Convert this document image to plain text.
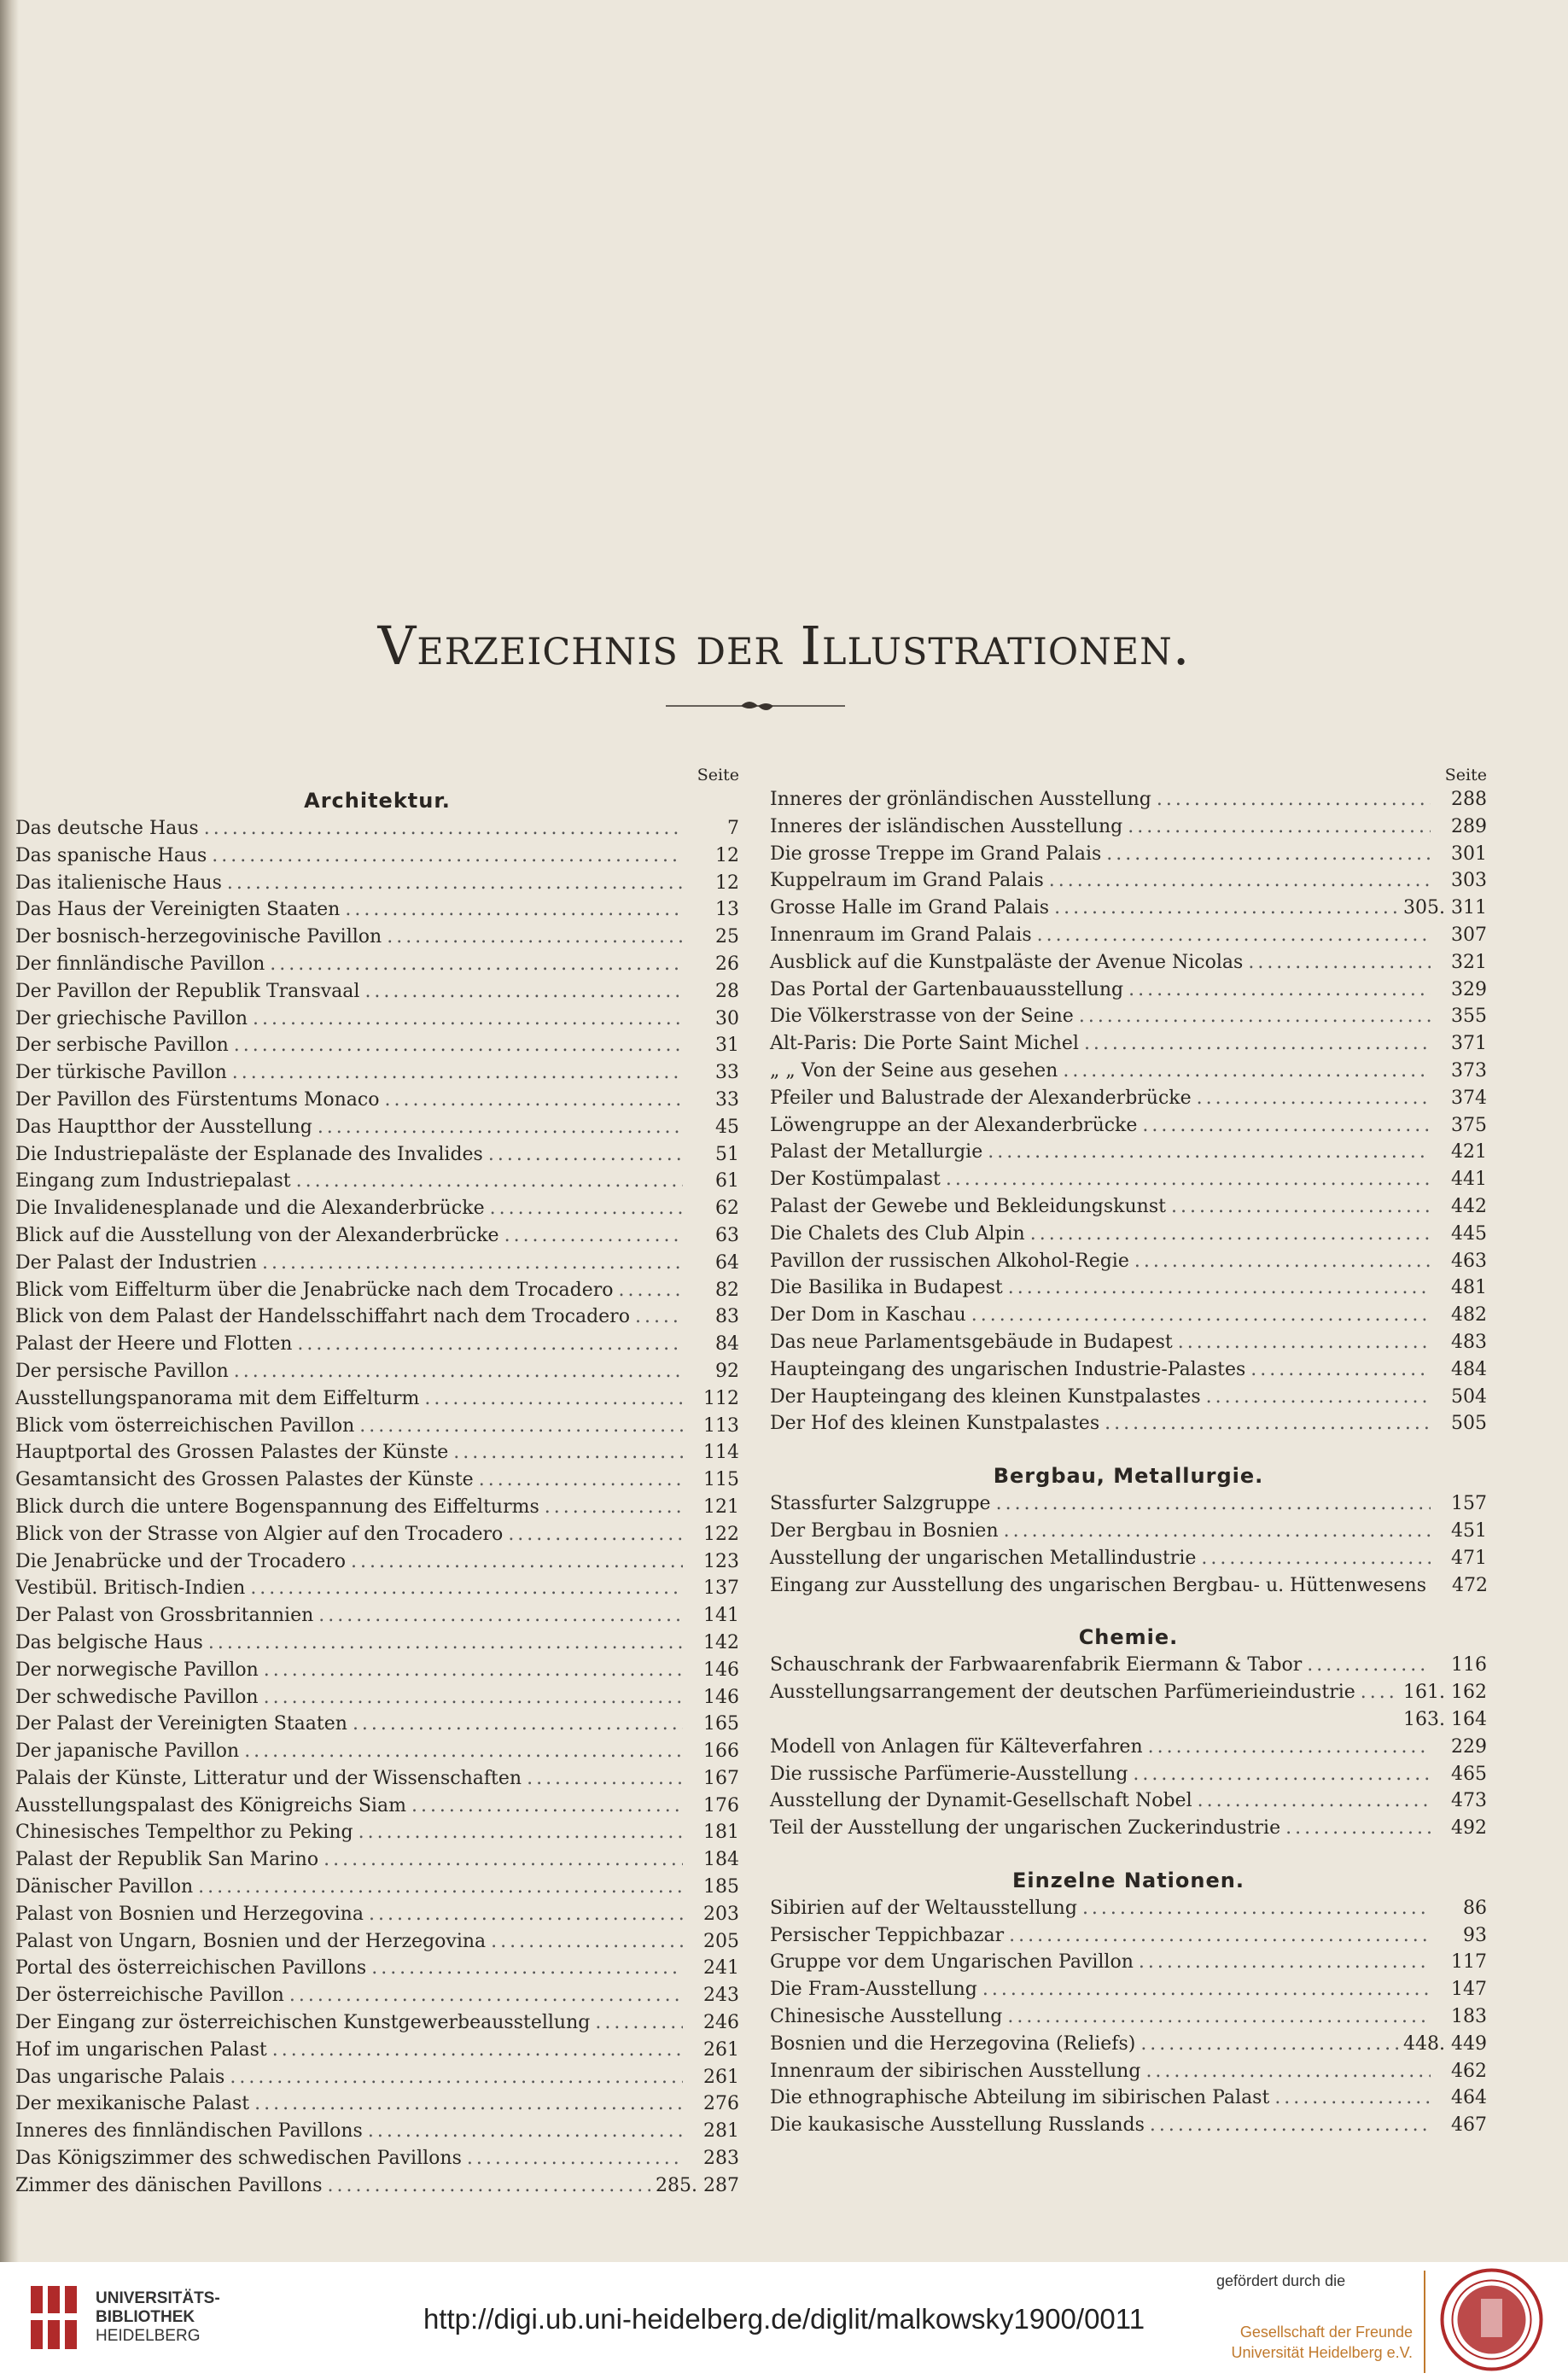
Verzeichnis der Illustrationen.
Seite
Architektur.
Das deutsche Haus .....	7
Das spanische Haus .....	12
Das italienische Haus .....	12
Das Haus der Vereinigten Staaten .....	13
Der bosnisch-herzegovinische Pavillon .....	25
Der finnländische Pavillon .....	26
Der Pavillon der Republik Transvaal .....	28
Der griechische Pavillon .....	30
Der serbische Pavillon .....	31
Der türkische Pavillon .....	33
Der Pavillon des Fürstentums Monaco .....	33
Das Hauptthor der Ausstellung .....	45
Die Industriepaläste der Esplanade des Invalides .....	51
Eingang zum Industriepalast .....	61
Die Invalidenesplanade und die Alexanderbrücke .....	62
Blick auf die Ausstellung von der Alexanderbrücke .....	63
Der Palast der Industrien .....	64
Blick vom Eiffelturm über die Jenabrücke nach dem Trocadero .....	82
Blick von dem Palast der Handelsschiffahrt nach dem Trocadero .....	83
Palast der Heere und Flotten .....	84
Der persische Pavillon .....	92
Ausstellungspanorama mit dem Eiffelturm .....	112
Blick vom österreichischen Pavillon .....	113
Hauptportal des Grossen Palastes der Künste .....	114
Gesamtansicht des Grossen Palastes der Künste .....	115
Blick durch die untere Bogenspannung des Eiffelturms .....	121
Blick von der Strasse von Algier auf den Trocadero .....	122
Die Jenabrücke und der Trocadero .....	123
Vestibül. Britisch-Indien .....	137
Der Palast von Grossbritannien .....	141
Das belgische Haus .....	142
Der norwegische Pavillon .....	146
Der schwedische Pavillon .....	146
Der Palast der Vereinigten Staaten .....	165
Der japanische Pavillon .....	166
Palais der Künste, Litteratur und der Wissenschaften .....	167
Ausstellungspalast des Königreichs Siam .....	176
Chinesisches Tempelthor zu Peking .....	181
Palast der Republik San Marino .....	184
Dänischer Pavillon .....	185
Palast von Bosnien und Herzegovina .....	203
Palast von Ungarn, Bosnien und der Herzegovina .....	205
Portal des österreichischen Pavillons .....	241
Der österreichische Pavillon .....	243
Der Eingang zur österreichischen Kunstgewerbeausstellung .....	246
Hof im ungarischen Palast .....	261
Das ungarische Palais .....	261
Der mexikanische Palast .....	276
Inneres des finnländischen Pavillons .....	281
Das Königszimmer des schwedischen Pavillons .....	283
Zimmer des dänischen Pavillons .....	285. 287
Seite
Inneres der grönländischen Ausstellung .....	288
Inneres der isländischen Ausstellung .....	289
Die grosse Treppe im Grand Palais .....	301
Kuppelraum im Grand Palais .....	303
Grosse Halle im Grand Palais .....	305. 311
Innenraum im Grand Palais .....	307
Ausblick auf die Kunstpaläste der Avenue Nicolas .....	321
Das Portal der Gartenbauausstellung .....	329
Die Völkerstrasse von der Seine .....	355
Alt-Paris: Die Porte Saint Michel .....	371
„ „ Von der Seine aus gesehen .....	373
Pfeiler und Balustrade der Alexanderbrücke .....	374
Löwengruppe an der Alexanderbrücke .....	375
Palast der Metallurgie .....	421
Der Kostümpalast .....	441
Palast der Gewebe und Bekleidungskunst .....	442
Die Chalets des Club Alpin .....	445
Pavillon der russischen Alkohol-Regie .....	463
Die Basilika in Budapest .....	481
Der Dom in Kaschau .....	482
Das neue Parlamentsgebäude in Budapest .....	483
Haupteingang des ungarischen Industrie-Palastes .....	484
Der Haupteingang des kleinen Kunstpalastes .....	504
Der Hof des kleinen Kunstpalastes .....	505
Bergbau, Metallurgie.
Stassfurter Salzgruppe .....	157
Der Bergbau in Bosnien .....	451
Ausstellung der ungarischen Metallindustrie .....	471
Eingang zur Ausstellung des ungarischen Bergbau- u. Hüttenwesens	472
Chemie.
Schauschrank der Farbwaarenfabrik Eiermann & Tabor .....	116
Ausstellungsarrangement der deutschen Parfümerieindustrie .....	161. 162
163. 164
Modell von Anlagen für Kälteverfahren .....	229
Die russische Parfümerie-Ausstellung .....	465
Ausstellung der Dynamit-Gesellschaft Nobel .....	473
Teil der Ausstellung der ungarischen Zuckerindustrie .....	492
Einzelne Nationen.
Sibirien auf der Weltausstellung .....	86
Persischer Teppichbazar .....	93
Gruppe vor dem Ungarischen Pavillon .....	117
Die Fram-Ausstellung .....	147
Chinesische Ausstellung .....	183
Bosnien und die Herzegovina (Reliefs) .....	448. 449
Innenraum der sibirischen Ausstellung .....	462
Die ethnographische Abteilung im sibirischen Palast .....	464
Die kaukasische Ausstellung Russlands .....	467
UNIVERSITÄTS-
BIBLIOTHEK
HEIDELBERG
http://digi.ub.uni-heidelberg.de/diglit/malkowsky1900/0011
gefördert durch die
Gesellschaft der Freunde
Universität Heidelberg e.V.
